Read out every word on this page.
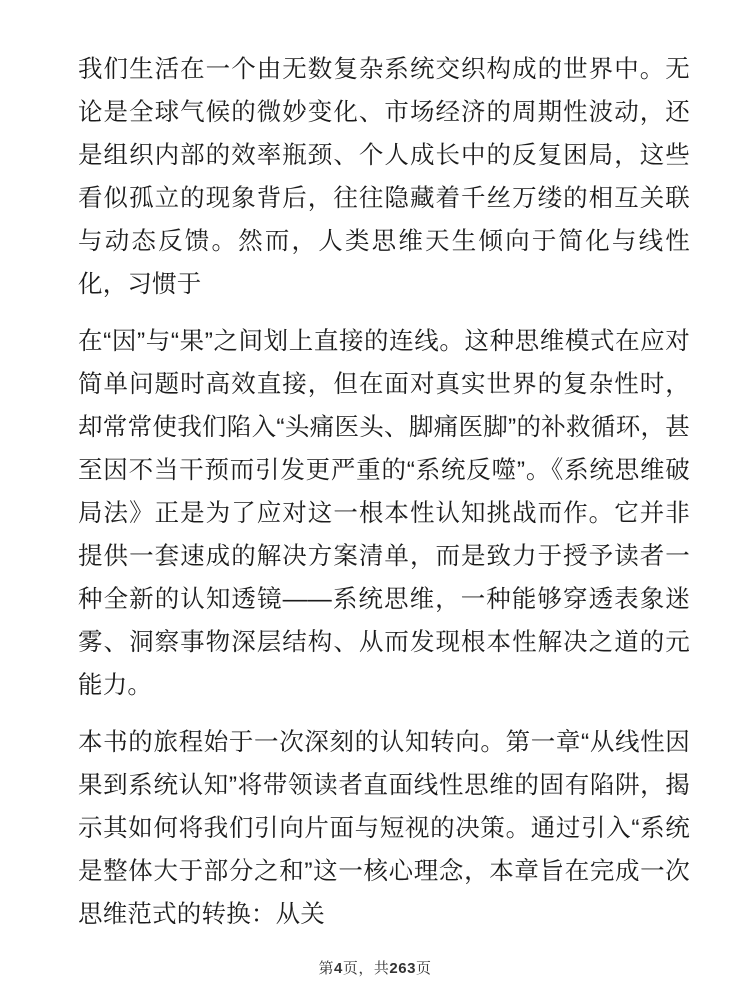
我们生活在一个由无数复杂系统交织构成的世界中。无论是全球气候的微妙变化、市场经济的周期性波动，还是组织内部的效率瓶颈、个人成长中的反复困局，这些看似孤立的现象背后，往往隐藏着千丝万缕的相互关联与动态反馈。然而，人类思维天生倾向于简化与线性化，习惯于

在“因”与“果”之间划上直接的连线。这种思维模式在应对简单问题时高效直接，但在面对真实世界的复杂性时，却常常使我们陷入“头痛医头、脚痛医脚”的补救循环，甚至因不当干预而引发更严重的“系统反噬”。《系统思维破局法》正是为了应对这一根本性认知挑战而作。它并非提供一套速成的解决方案清单，而是致力于授予读者一种全新的认知透镜——系统思维，一种能够穿透表象迷雾、洞察事物深层结构、从而发现根本性解决之道的元能力。

本书的旅程始于一次深刻的认知转向。第一章“从线性因果到系统认知”将带领读者直面线性思维的固有陷阱，揭示其如何将我们引向片面与短视的决策。通过引入“系统是整体大于部分之和”这一核心理念，本章旨在完成一次思维范式的转换：从关

第4页，共263页
